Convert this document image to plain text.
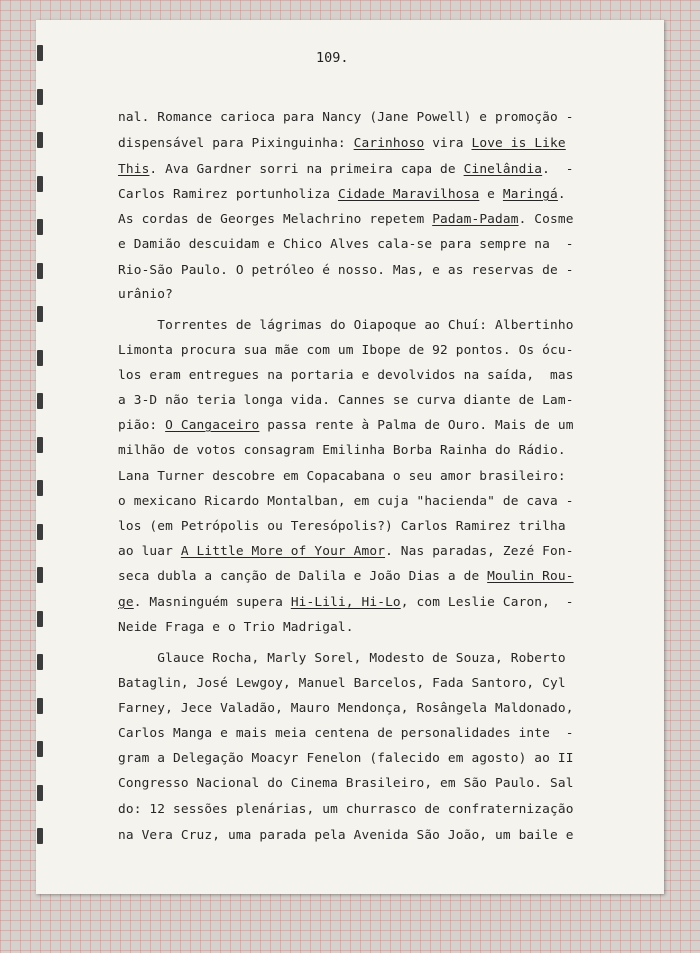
109.
nal. Romance carioca para Nancy (Jane Powell) e promoção -
dispensável para Pixinguinha: Carinhoso vira Love is Like
This. Ava Gardner sorri na primeira capa de Cinelândia.  -
Carlos Ramirez portunholiza Cidade Maravilhosa e Maringá.
As cordas de Georges Melachrino repetem Padam-Padam. Cosme
e Damião descuidam e Chico Alves cala-se para sempre na  -
Rio-São Paulo. O petróleo é nosso. Mas, e as reservas de -
urânio?
Torrentes de lágrimas do Oiapoque ao Chuí: Albertinho
Limonta procura sua mãe com um Ibope de 92 pontos. Os ócu-
los eram entregues na portaria e devolvidos na saída,  mas
a 3-D não teria longa vida. Cannes se curva diante de Lam-
pião: O Cangaceiro passa rente à Palma de Ouro. Mais de um
milhão de votos consagram Emilinha Borba Rainha do Rádio.
Lana Turner descobre em Copacabana o seu amor brasileiro:
o mexicano Ricardo Montalban, em cuja "hacienda" de cava -
los (em Petrópolis ou Teresópolis?) Carlos Ramirez trilha
ao luar A Little More of Your Amor. Nas paradas, Zezé Fon-
seca dubla a canção de Dalila e João Dias a de Moulin Rou-
ge. Masninguém supera Hi-Lili, Hi-Lo, com Leslie Caron,  -
Neide Fraga e o Trio Madrigal.
Glauce Rocha, Marly Sorel, Modesto de Souza, Roberto
Bataglin, José Lewgoy, Manuel Barcelos, Fada Santoro, Cyl
Farney, Jece Valadão, Mauro Mendonça, Rosângela Maldonado,
Carlos Manga e mais meia centena de personalidades inte  -
gram a Delegação Moacyr Fenelon (falecido em agosto) ao II
Congresso Nacional do Cinema Brasileiro, em São Paulo. Sal
do: 12 sessões plenárias, um churrasco de confraternização
na Vera Cruz, uma parada pela Avenida São João, um baile e
